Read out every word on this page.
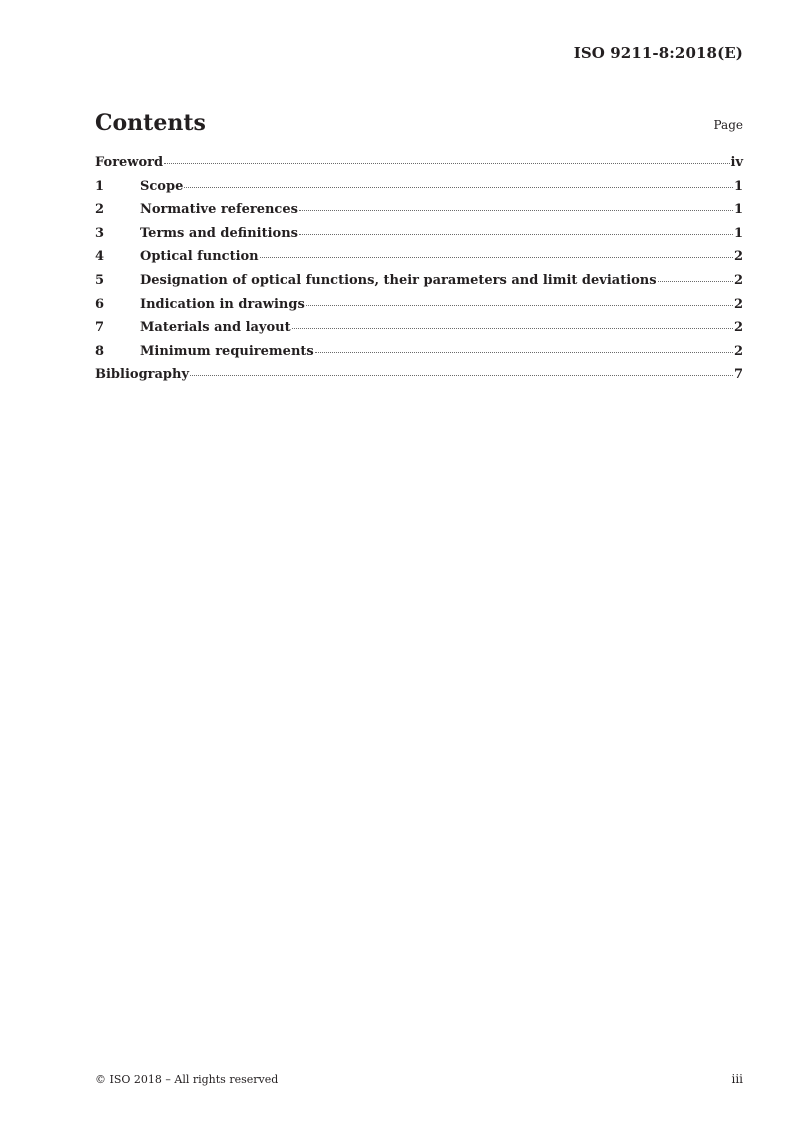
ISO 9211-8:2018(E)
Contents	Page
Foreword	iv
1	Scope	1
2	Normative references	1
3	Terms and definitions	1
4	Optical function	2
5	Designation of optical functions, their parameters and limit deviations	2
6	Indication in drawings	2
7	Materials and layout	2
8	Minimum requirements	2
Bibliography	7
© ISO 2018 – All rights reserved	iii
